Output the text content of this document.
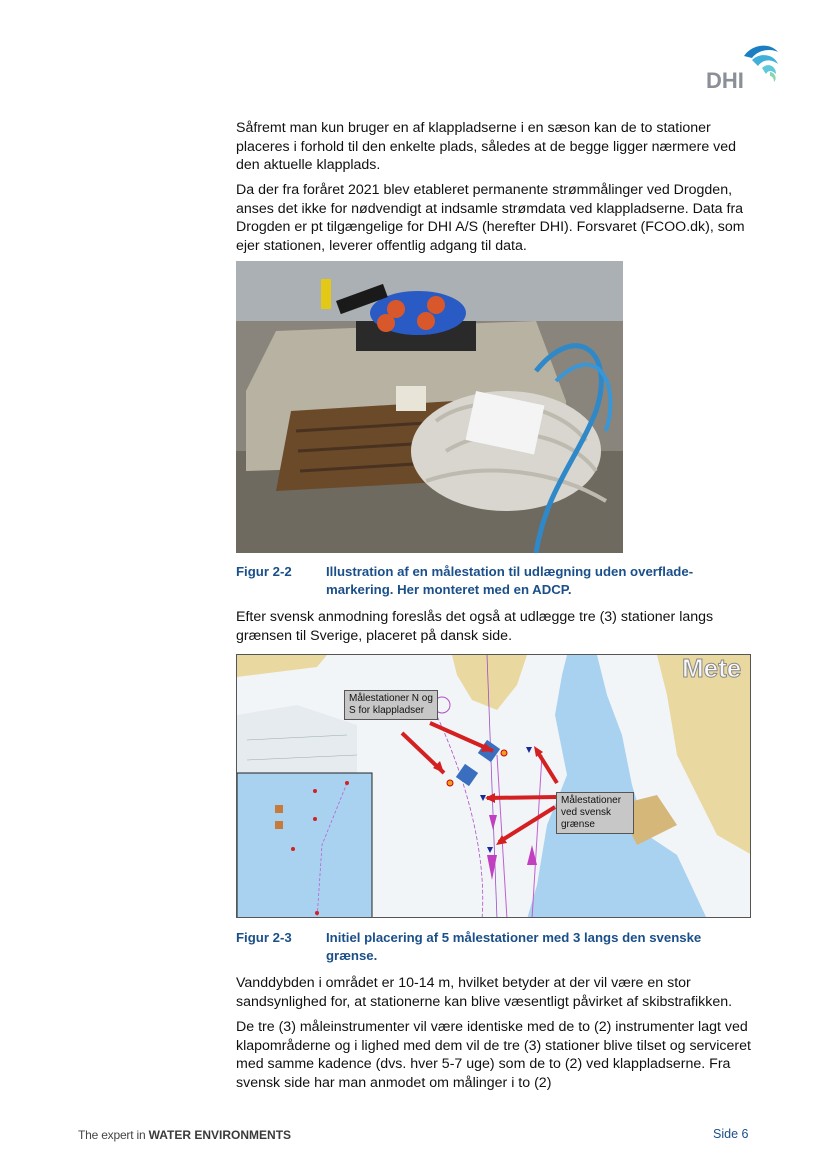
DHI

Såfremt man kun bruger en af klappladserne i en sæson kan de to stationer placeres i forhold til den enkelte plads, således at de begge ligger nærmere ved den aktuelle klapplads.

Da der fra foråret 2021 blev etableret permanente strømmålinger ved Drogden, anses det ikke for nødvendigt at indsamle strømdata ved klappladserne. Data fra Drogden er pt tilgængelige for DHI A/S (herefter DHI). Forsvaret (FCOO.dk), som ejer stationen, leverer offentlig adgang til data.

Figur 2-2	Illustration af en målestation til udlægning uden overflade-markering. Her monteret med en ADCP.

Efter svensk anmodning foreslås det også at udlægge tre (3) stationer langs grænsen til Sverige, placeret på dansk side.

Mete
Målestationer N og S for klappladser
Målestationer ved svensk grænse
Figur 2-3	Initiel placering af 5 målestationer med 3 langs den svenske grænse.

Vanddybden i området er 10-14 m, hvilket betyder at der vil være en stor sandsynlighed for, at stationerne kan blive væsentligt påvirket af skibstrafikken.

De tre (3) måleinstrumenter vil være identiske med de to (2) instrumenter lagt ved klapområderne og i lighed med dem vil de tre (3) stationer blive tilset og serviceret med samme kadence (dvs. hver 5-7 uge) som de to (2) ved klappladserne. Fra svensk side har man anmodet om målinger i to (2)

The expert in WATER ENVIRONMENTS	Side 6
